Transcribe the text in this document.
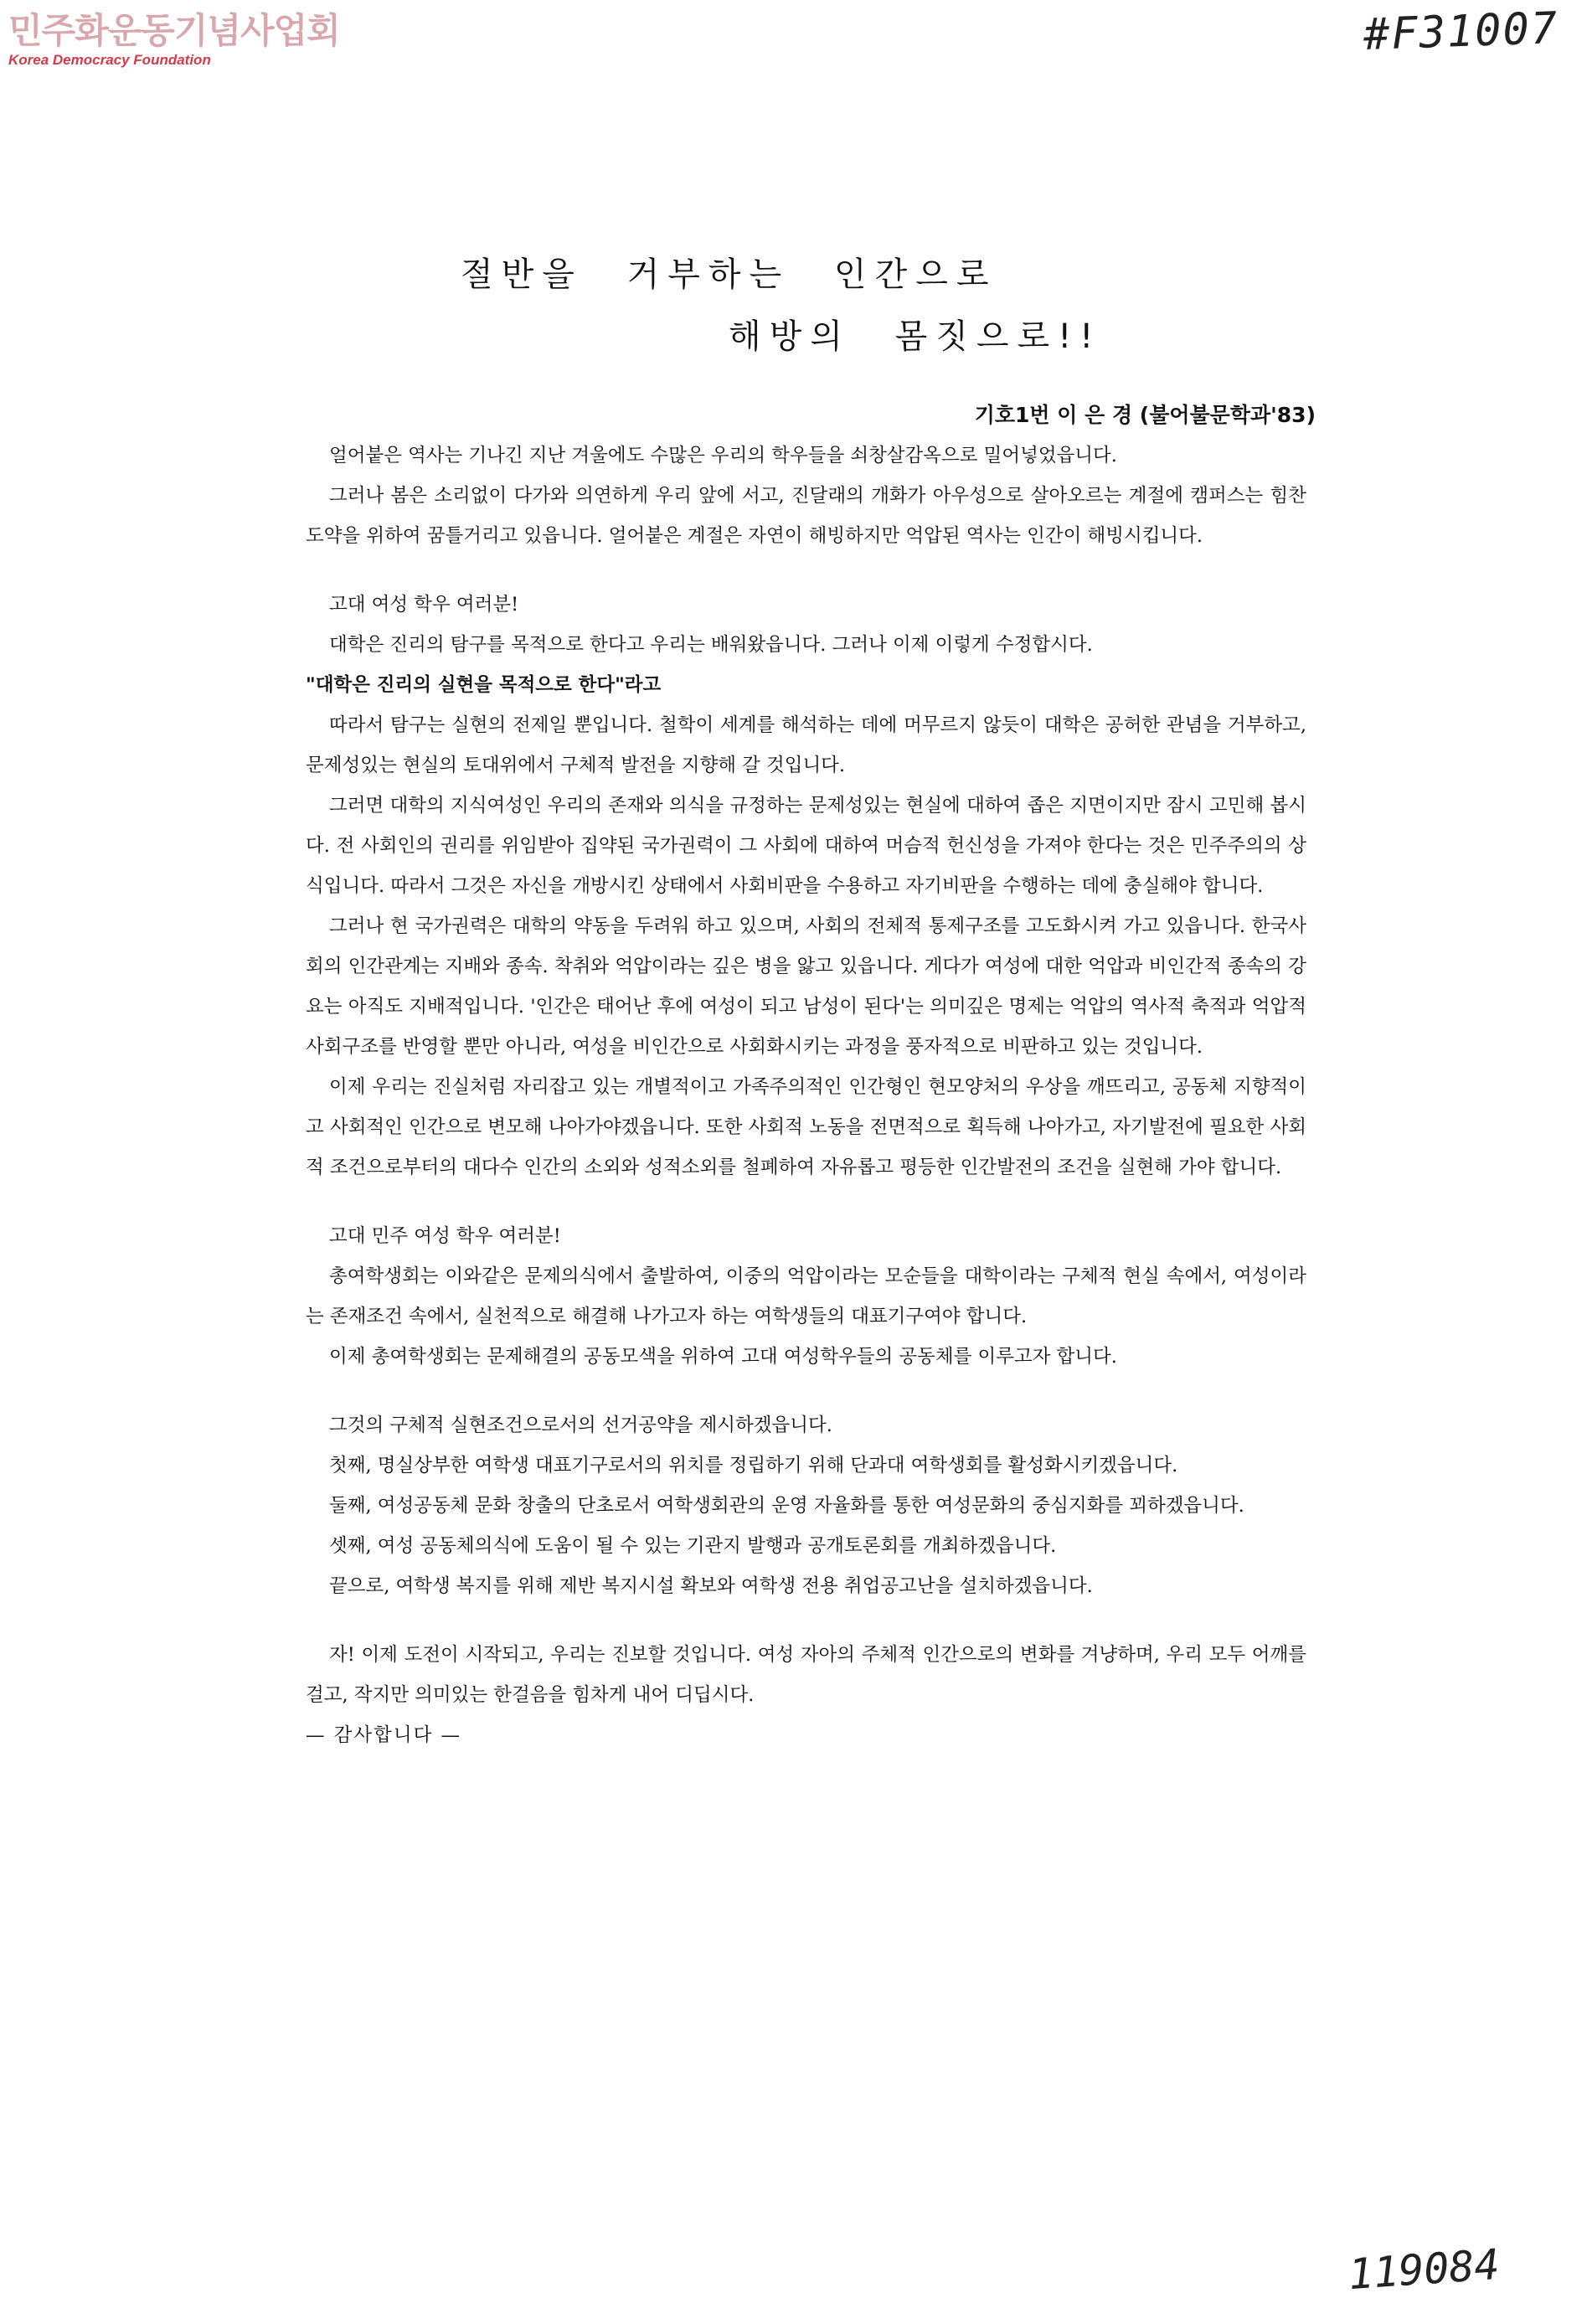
민주화운동기념사업회
Korea Democracy Foundation	#F31007
절반을 거부하는 인간으로
해방의 몸짓으로!!
기호1번 이 은 경 (불어불문학과'83)

얼어붙은 역사는 기나긴 지난 겨울에도 수많은 우리의 학우들을 쇠창살감옥으로 밀어넣었읍니다.

그러나 봄은 소리없이 다가와 의연하게 우리 앞에 서고, 진달래의 개화가 아우성으로 살아오르는 계절에 캠퍼스는 힘찬 도약을 위하여 꿈틀거리고 있읍니다. 얼어붙은 계절은 자연이 해빙하지만 억압된 역사는 인간이 해빙시킵니다.

고대 여성 학우 여러분!

대학은 진리의 탐구를 목적으로 한다고 우리는 배워왔읍니다. 그러나 이제 이렇게 수정합시다.

"대학은 진리의 실현을 목적으로 한다"라고

따라서 탐구는 실현의 전제일 뿐입니다. 철학이 세계를 해석하는 데에 머무르지 않듯이 대학은 공허한 관념을 거부하고, 문제성있는 현실의 토대위에서 구체적 발전을 지향해 갈 것입니다.

그러면 대학의 지식여성인 우리의 존재와 의식을 규정하는 문제성있는 현실에 대하여 좁은 지면이지만 잠시 고민해 봅시다. 전 사회인의 권리를 위임받아 집약된 국가권력이 그 사회에 대하여 머슴적 헌신성을 가져야 한다는 것은 민주주의의 상식입니다. 따라서 그것은 자신을 개방시킨 상태에서 사회비판을 수용하고 자기비판을 수행하는 데에 충실해야 합니다.

그러나 현 국가권력은 대학의 약동을 두려워 하고 있으며, 사회의 전체적 통제구조를 고도화시켜 가고 있읍니다. 한국사회의 인간관계는 지배와 종속. 착취와 억압이라는 깊은 병을 앓고 있읍니다. 게다가 여성에 대한 억압과 비인간적 종속의 강요는 아직도 지배적입니다. '인간은 태어난 후에 여성이 되고 남성이 된다'는 의미깊은 명제는 억압의 역사적 축적과 억압적 사회구조를 반영할 뿐만 아니라, 여성을 비인간으로 사회화시키는 과정을 풍자적으로 비판하고 있는 것입니다.

이제 우리는 진실처럼 자리잡고 있는 개별적이고 가족주의적인 인간형인 현모양처의 우상을 깨뜨리고, 공동체 지향적이고 사회적인 인간으로 변모해 나아가야겠읍니다. 또한 사회적 노동을 전면적으로 획득해 나아가고, 자기발전에 필요한 사회적 조건으로부터의 대다수 인간의 소외와 성적소외를 철폐하여 자유롭고 평등한 인간발전의 조건을 실현해 가야 합니다.

고대 민주 여성 학우 여러분!

총여학생회는 이와같은 문제의식에서 출발하여, 이중의 억압이라는 모순들을 대학이라는 구체적 현실 속에서, 여성이라는 존재조건 속에서, 실천적으로 해결해 나가고자 하는 여학생들의 대표기구여야 합니다.

이제 총여학생회는 문제해결의 공동모색을 위하여 고대 여성학우들의 공동체를 이루고자 합니다.

그것의 구체적 실현조건으로서의 선거공약을 제시하겠읍니다.

첫째, 명실상부한 여학생 대표기구로서의 위치를 정립하기 위해 단과대 여학생회를 활성화시키겠읍니다.

둘째, 여성공동체 문화 창출의 단초로서 여학생회관의 운영 자율화를 통한 여성문화의 중심지화를 꾀하겠읍니다.

셋째, 여성 공동체의식에 도움이 될 수 있는 기관지 발행과 공개토론회를 개최하겠읍니다.

끝으로, 여학생 복지를 위해 제반 복지시설 확보와 여학생 전용 취업공고난을 설치하겠읍니다.

자! 이제 도전이 시작되고, 우리는 진보할 것입니다. 여성 자아의 주체적 인간으로의 변화를 겨냥하며, 우리 모두 어깨를 걸고, 작지만 의미있는 한걸음을 힘차게 내어 디딥시다.

— 감사합니다 —

119084
